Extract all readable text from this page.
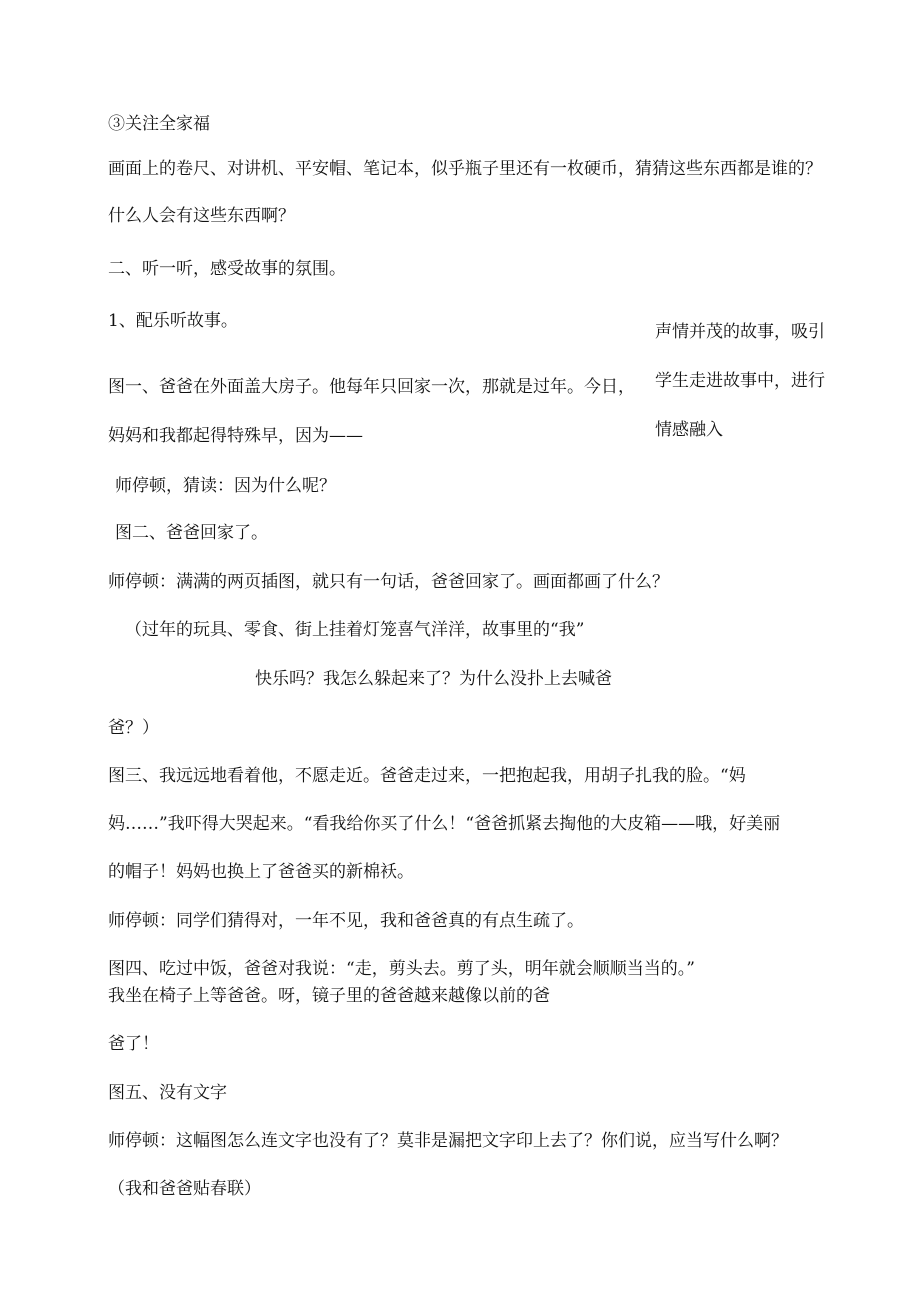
③关注全家福

画面上的卷尺、对讲机、平安帽、笔记本，似乎瓶子里还有一枚硬币，猜猜这些东西都是谁的？

什么人会有这些东西啊？

二、听一听，感受故事的氛围。

1、配乐听故事。

图一、爸爸在外面盖大房子。他每年只回家一次，那就是过年。今日，

妈妈和我都起得特殊早，因为——

师停顿，猜读：因为什么呢？

图二、爸爸回家了。

师停顿：满满的两页插图，就只有一句话，爸爸回家了。画面都画了什么？

（过年的玩具、零食、街上挂着灯笼喜气洋洋，故事里的“我”

快乐吗？我怎么躲起来了？为什么没扑上去喊爸

爸？）

图三、我远远地看着他，不愿走近。爸爸走过来，一把抱起我，用胡子扎我的脸。“妈

妈……”我吓得大哭起来。“看我给你买了什么！“爸爸抓紧去掏他的大皮箱——哦，好美丽

的帽子！妈妈也换上了爸爸买的新棉袄。

师停顿：同学们猜得对，一年不见，我和爸爸真的有点生疏了。

图四、吃过中饭，爸爸对我说：“走，剪头去。剪了头，明年就会顺顺当当的。”

我坐在椅子上等爸爸。呀，镜子里的爸爸越来越像以前的爸

爸了！

图五、没有文字

师停顿：这幅图怎么连文字也没有了？莫非是漏把文字印上去了？你们说，应当写什么啊？

（我和爸爸贴春联）

声情并茂的故事，吸引

学生走进故事中，进行

情感融入
